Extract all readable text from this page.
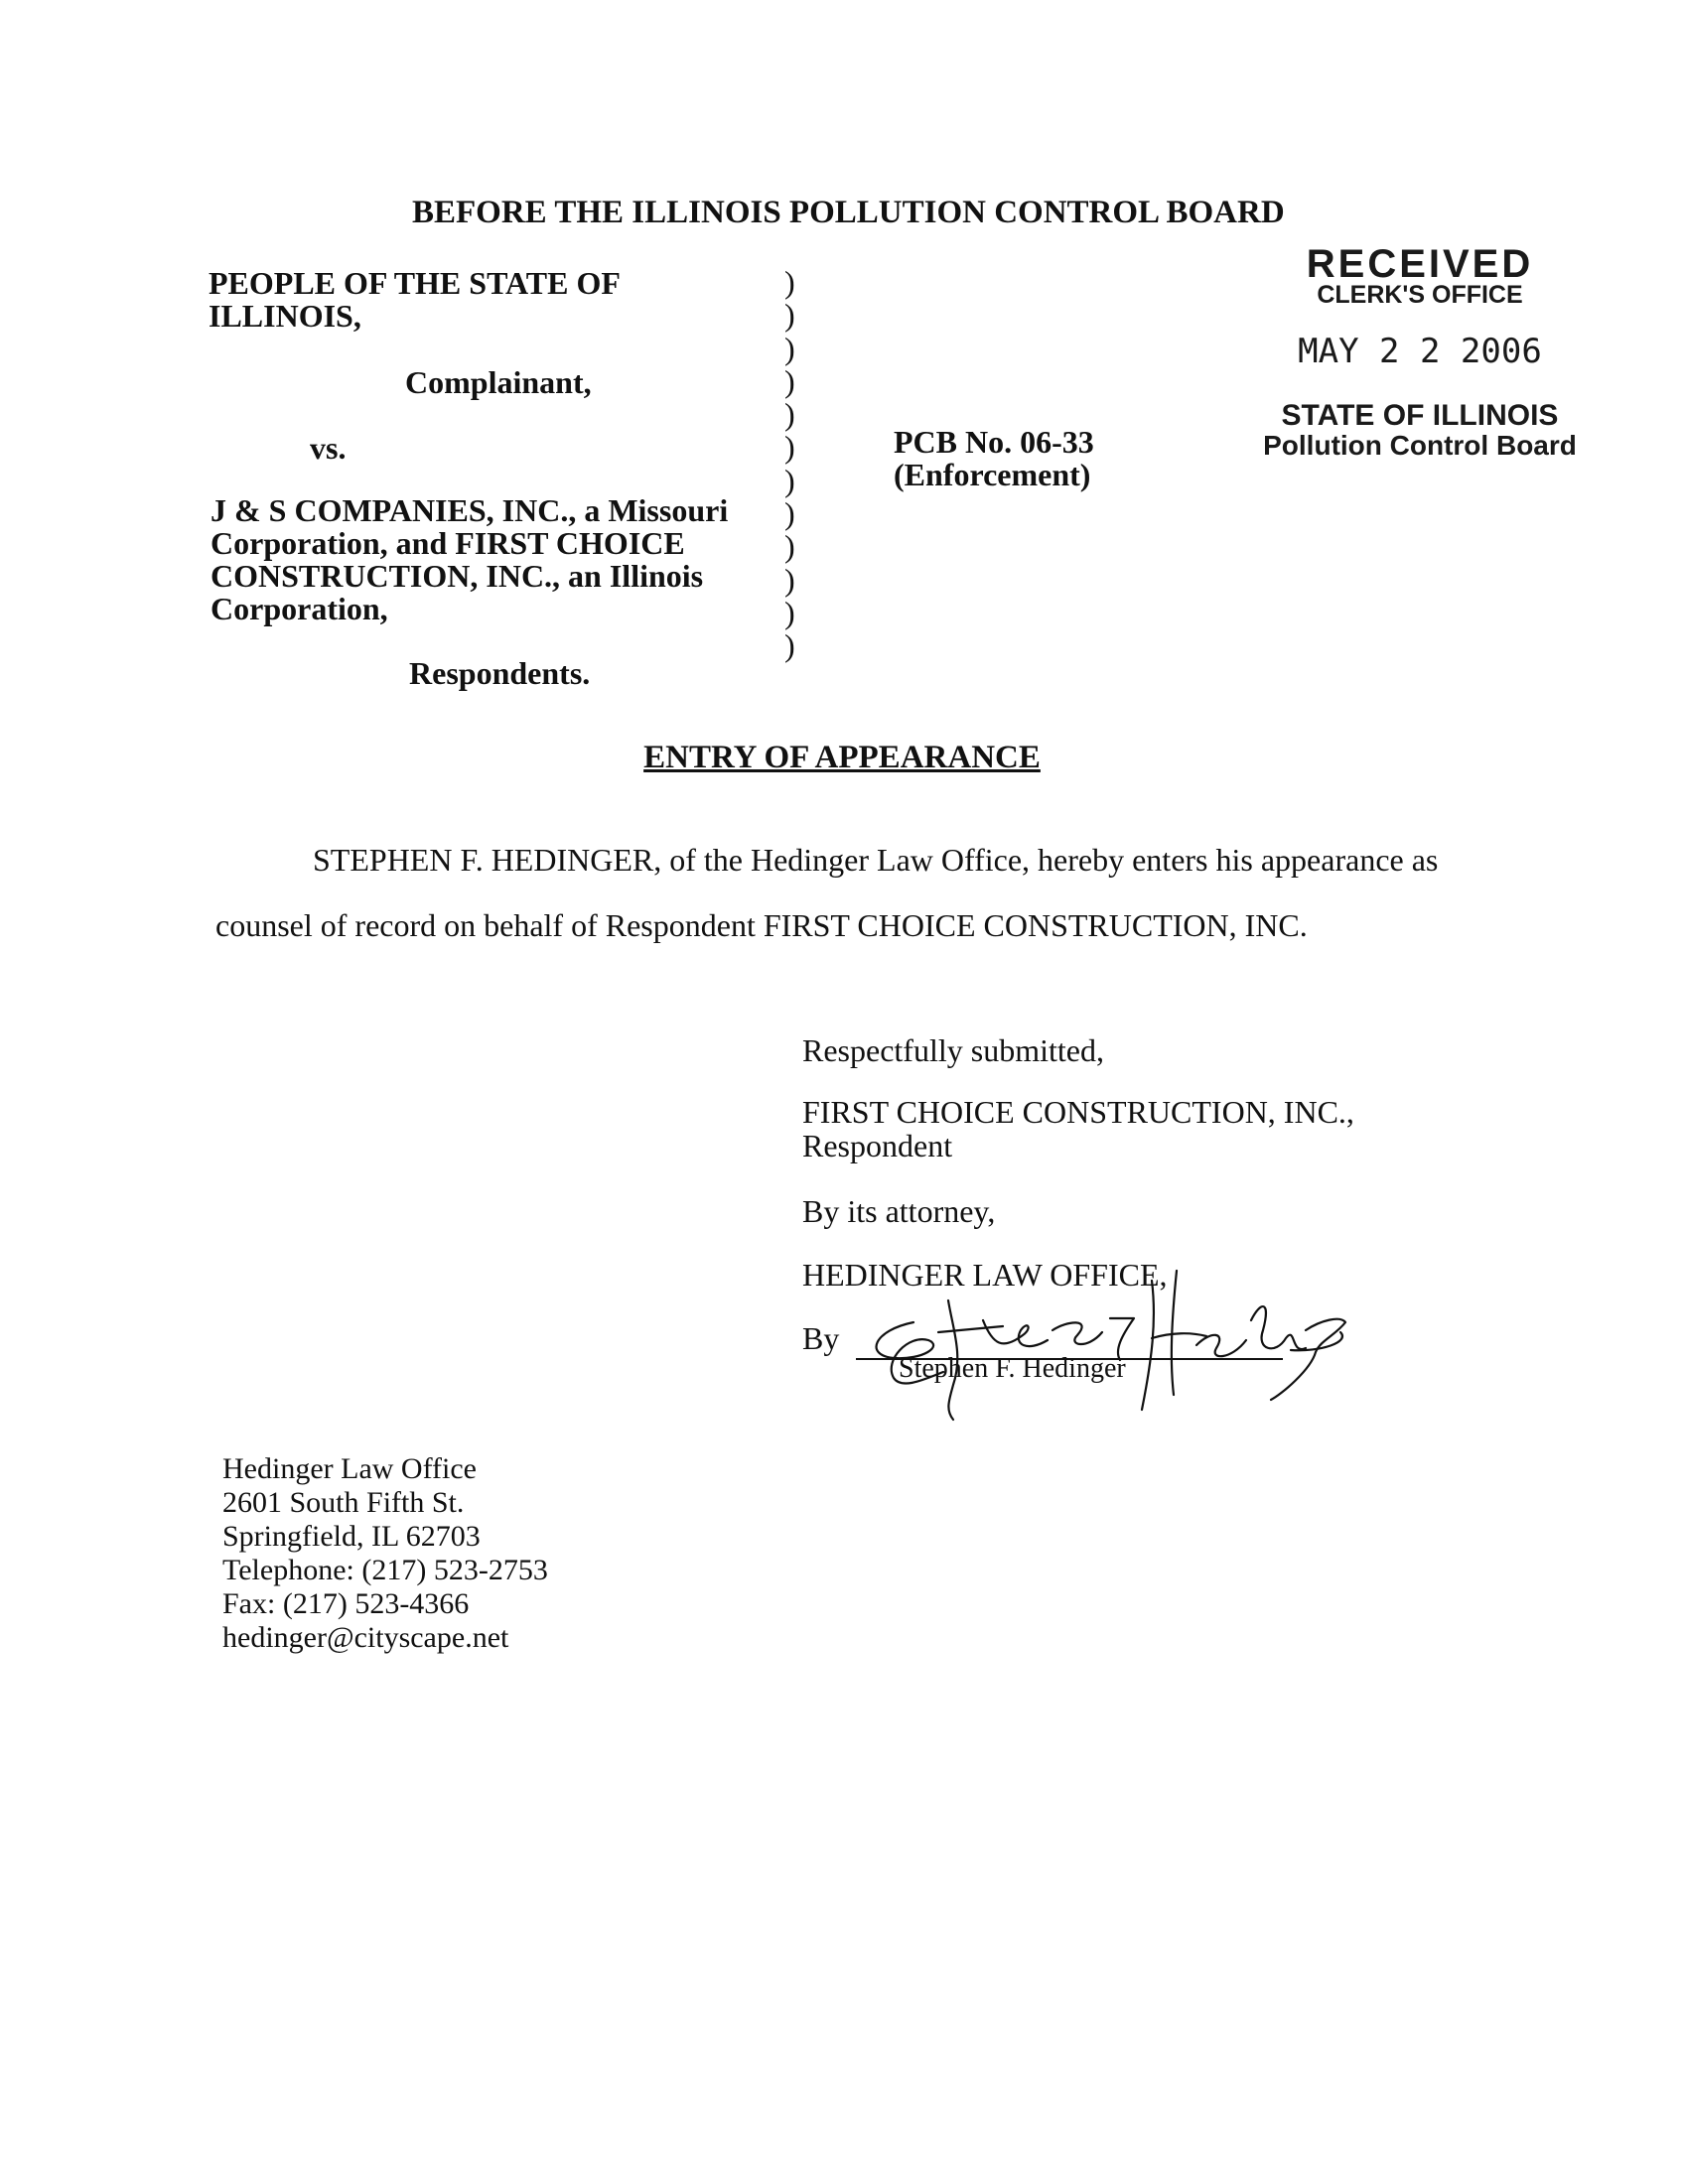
BEFORE THE ILLINOIS POLLUTION CONTROL BOARD
PEOPLE OF THE STATE OF
ILLINOIS,
Complainant,
vs.
J & S COMPANIES, INC., a Missouri
Corporation, and FIRST CHOICE
CONSTRUCTION, INC., an Illinois
Corporation,
Respondents.
)
)
)
)
)
)
)
)
)
)
)
)
PCB No. 06-33
(Enforcement)
RECEIVED
CLERK'S OFFICE
MAY 2 2 2006
STATE OF ILLINOIS
Pollution Control Board
ENTRY OF APPEARANCE
STEPHEN F. HEDINGER, of the Hedinger Law Office, hereby enters his appearance as
counsel of record on behalf of Respondent FIRST CHOICE CONSTRUCTION, INC.
Respectfully submitted,
FIRST CHOICE CONSTRUCTION, INC.,
Respondent
By its attorney,
HEDINGER LAW OFFICE,
By
Stephen F. Hedinger
Hedinger Law Office
2601 South Fifth St.
Springfield, IL 62703
Telephone: (217) 523-2753
Fax: (217) 523-4366
hedinger@cityscape.net
